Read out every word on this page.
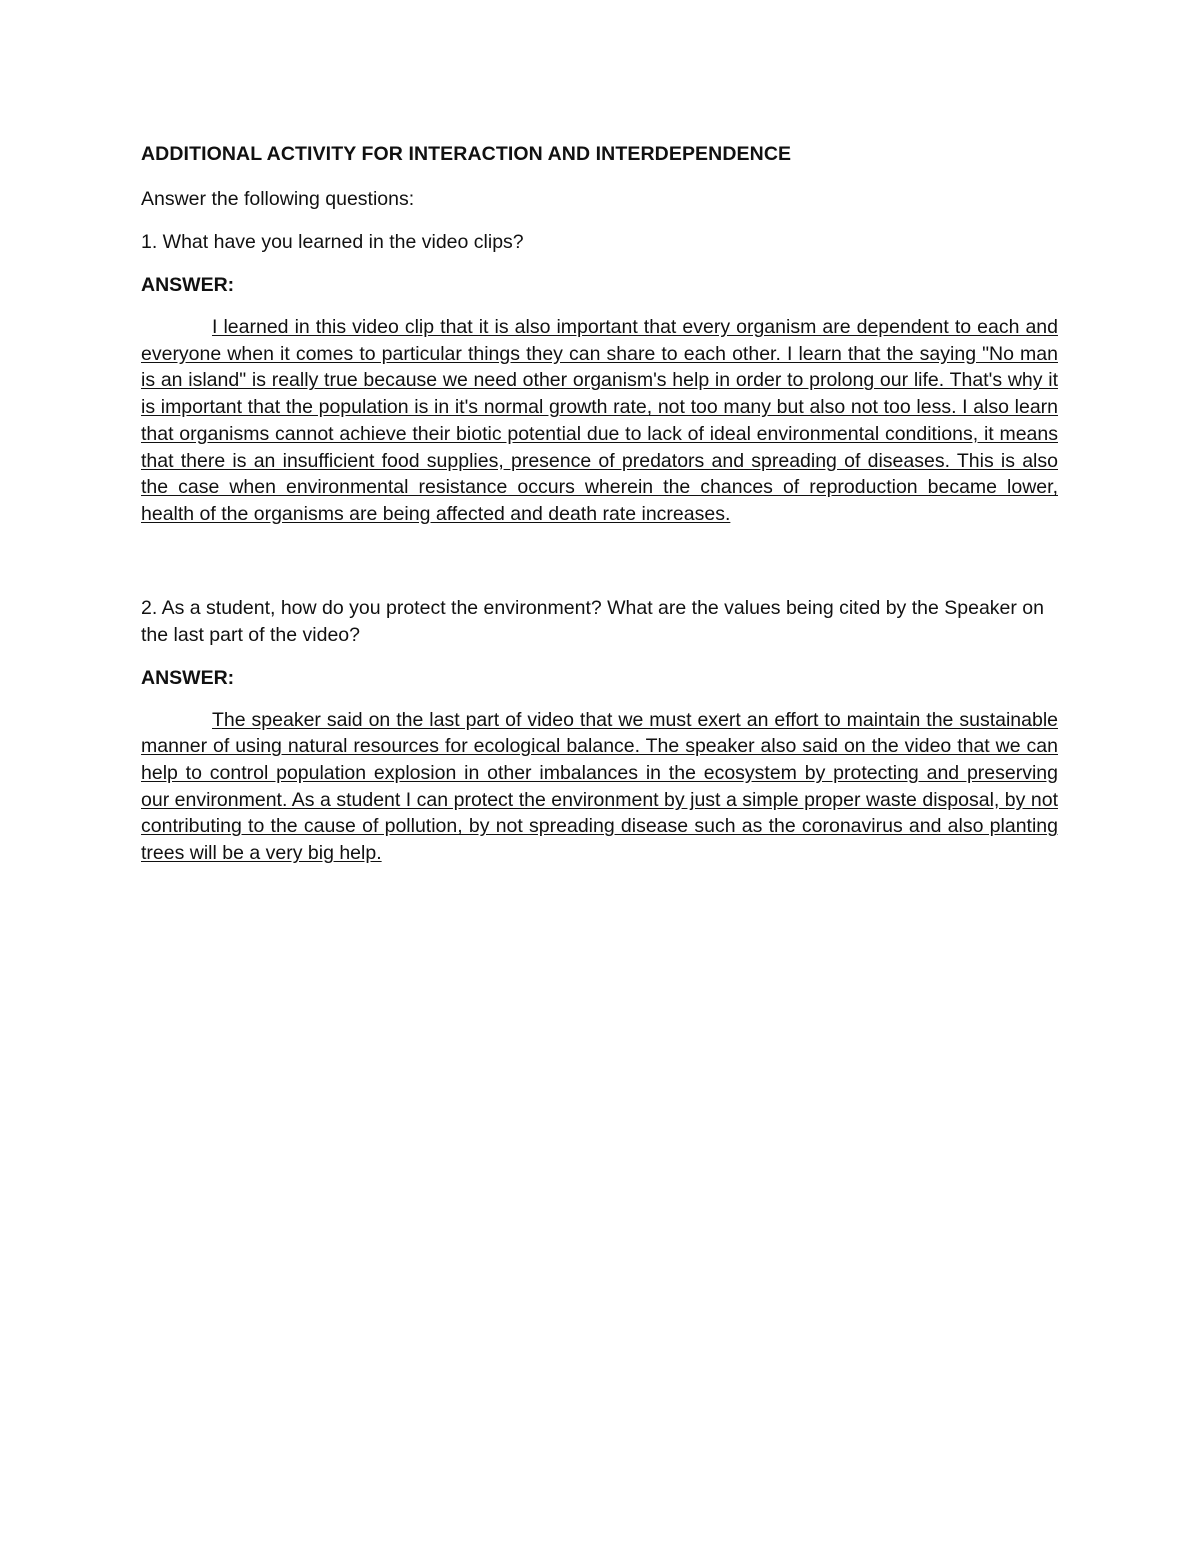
ADDITIONAL ACTIVITY FOR INTERACTION AND INTERDEPENDENCE
Answer the following questions:
1. What have you learned in the video clips?
ANSWER:

I learned in this video clip that it is also important that every organism are dependent to each and everyone when it comes to particular things they can share to each other. I learn that the saying "No man is an island" is really true because we need other organism's help in order to prolong our life. That's why it is important that the population is in it's normal growth rate, not too many but also not too less. I also learn that organisms cannot achieve their biotic potential due to lack of ideal environmental conditions, it means that there is an insufficient food supplies, presence of predators and spreading of diseases. This is also the case when environmental resistance occurs wherein the chances of reproduction became lower, health of the organisms are being affected and death rate increases.

2. As a student, how do you protect the environment? What are the values being cited by the Speaker on the last part of the video?
ANSWER:

The speaker said on the last part of video that we must exert an effort to maintain the sustainable manner of using natural resources for ecological balance. The speaker also said on the video that we can help to control population explosion in other imbalances in the ecosystem by protecting and preserving our environment. As a student I can protect the environment by just a simple proper waste disposal, by not contributing to the cause of pollution, by not spreading disease such as the coronavirus and also planting trees will be a very big help.
